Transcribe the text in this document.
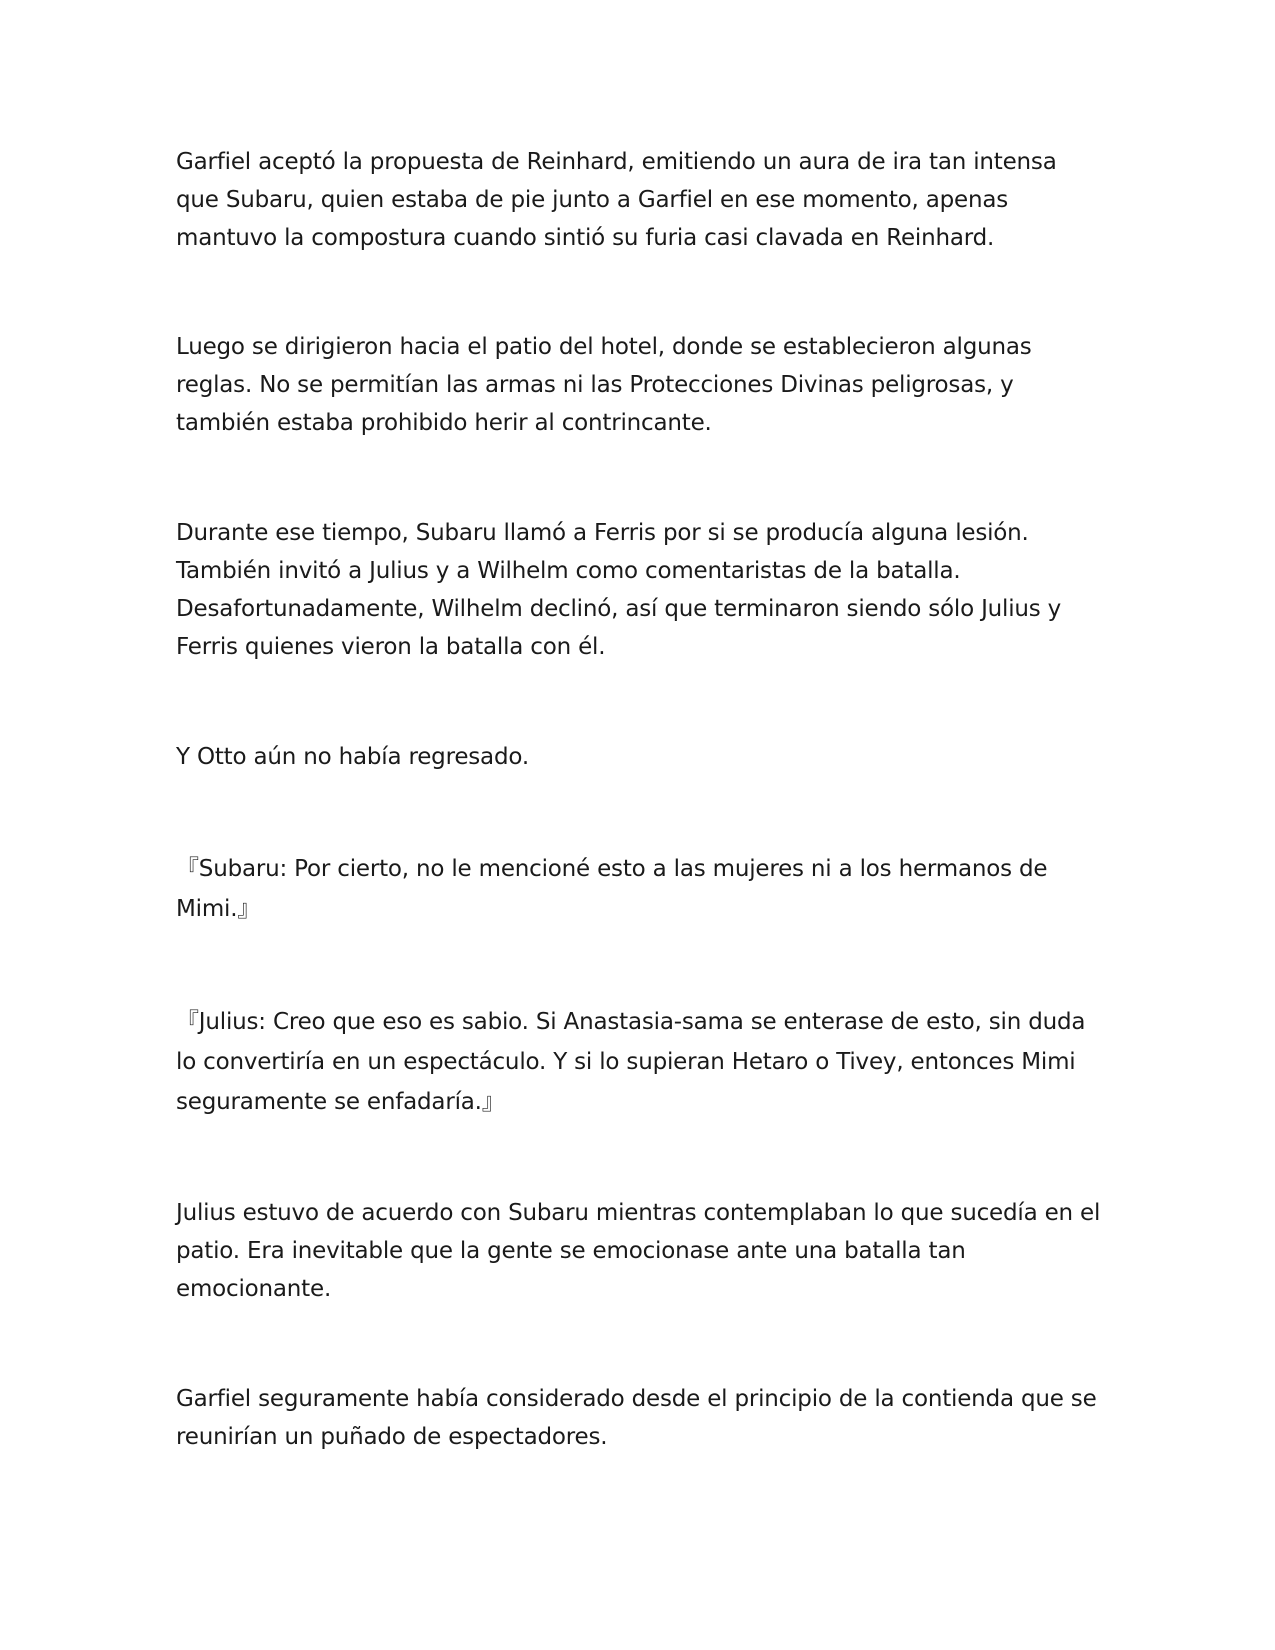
Garfiel aceptó la propuesta de Reinhard, emitiendo un aura de ira tan intensa que Subaru, quien estaba de pie junto a Garfiel en ese momento, apenas mantuvo la compostura cuando sintió su furia casi clavada en Reinhard.

Luego se dirigieron hacia el patio del hotel, donde se establecieron algunas reglas. No se permitían las armas ni las Protecciones Divinas peligrosas, y también estaba prohibido herir al contrincante.

Durante ese tiempo, Subaru llamó a Ferris por si se producía alguna lesión. También invitó a Julius y a Wilhelm como comentaristas de la batalla. Desafortunadamente, Wilhelm declinó, así que terminaron siendo sólo Julius y Ferris quienes vieron la batalla con él.

Y Otto aún no había regresado.

『Subaru: Por cierto, no le mencioné esto a las mujeres ni a los hermanos de Mimi.』

『Julius: Creo que eso es sabio. Si Anastasia-sama se enterase de esto, sin duda lo convertiría en un espectáculo. Y si lo supieran Hetaro o Tivey, entonces Mimi seguramente se enfadaría.』

Julius estuvo de acuerdo con Subaru mientras contemplaban lo que sucedía en el patio. Era inevitable que la gente se emocionase ante una batalla tan emocionante.

Garfiel seguramente había considerado desde el principio de la contienda que se reunirían un puñado de espectadores.
